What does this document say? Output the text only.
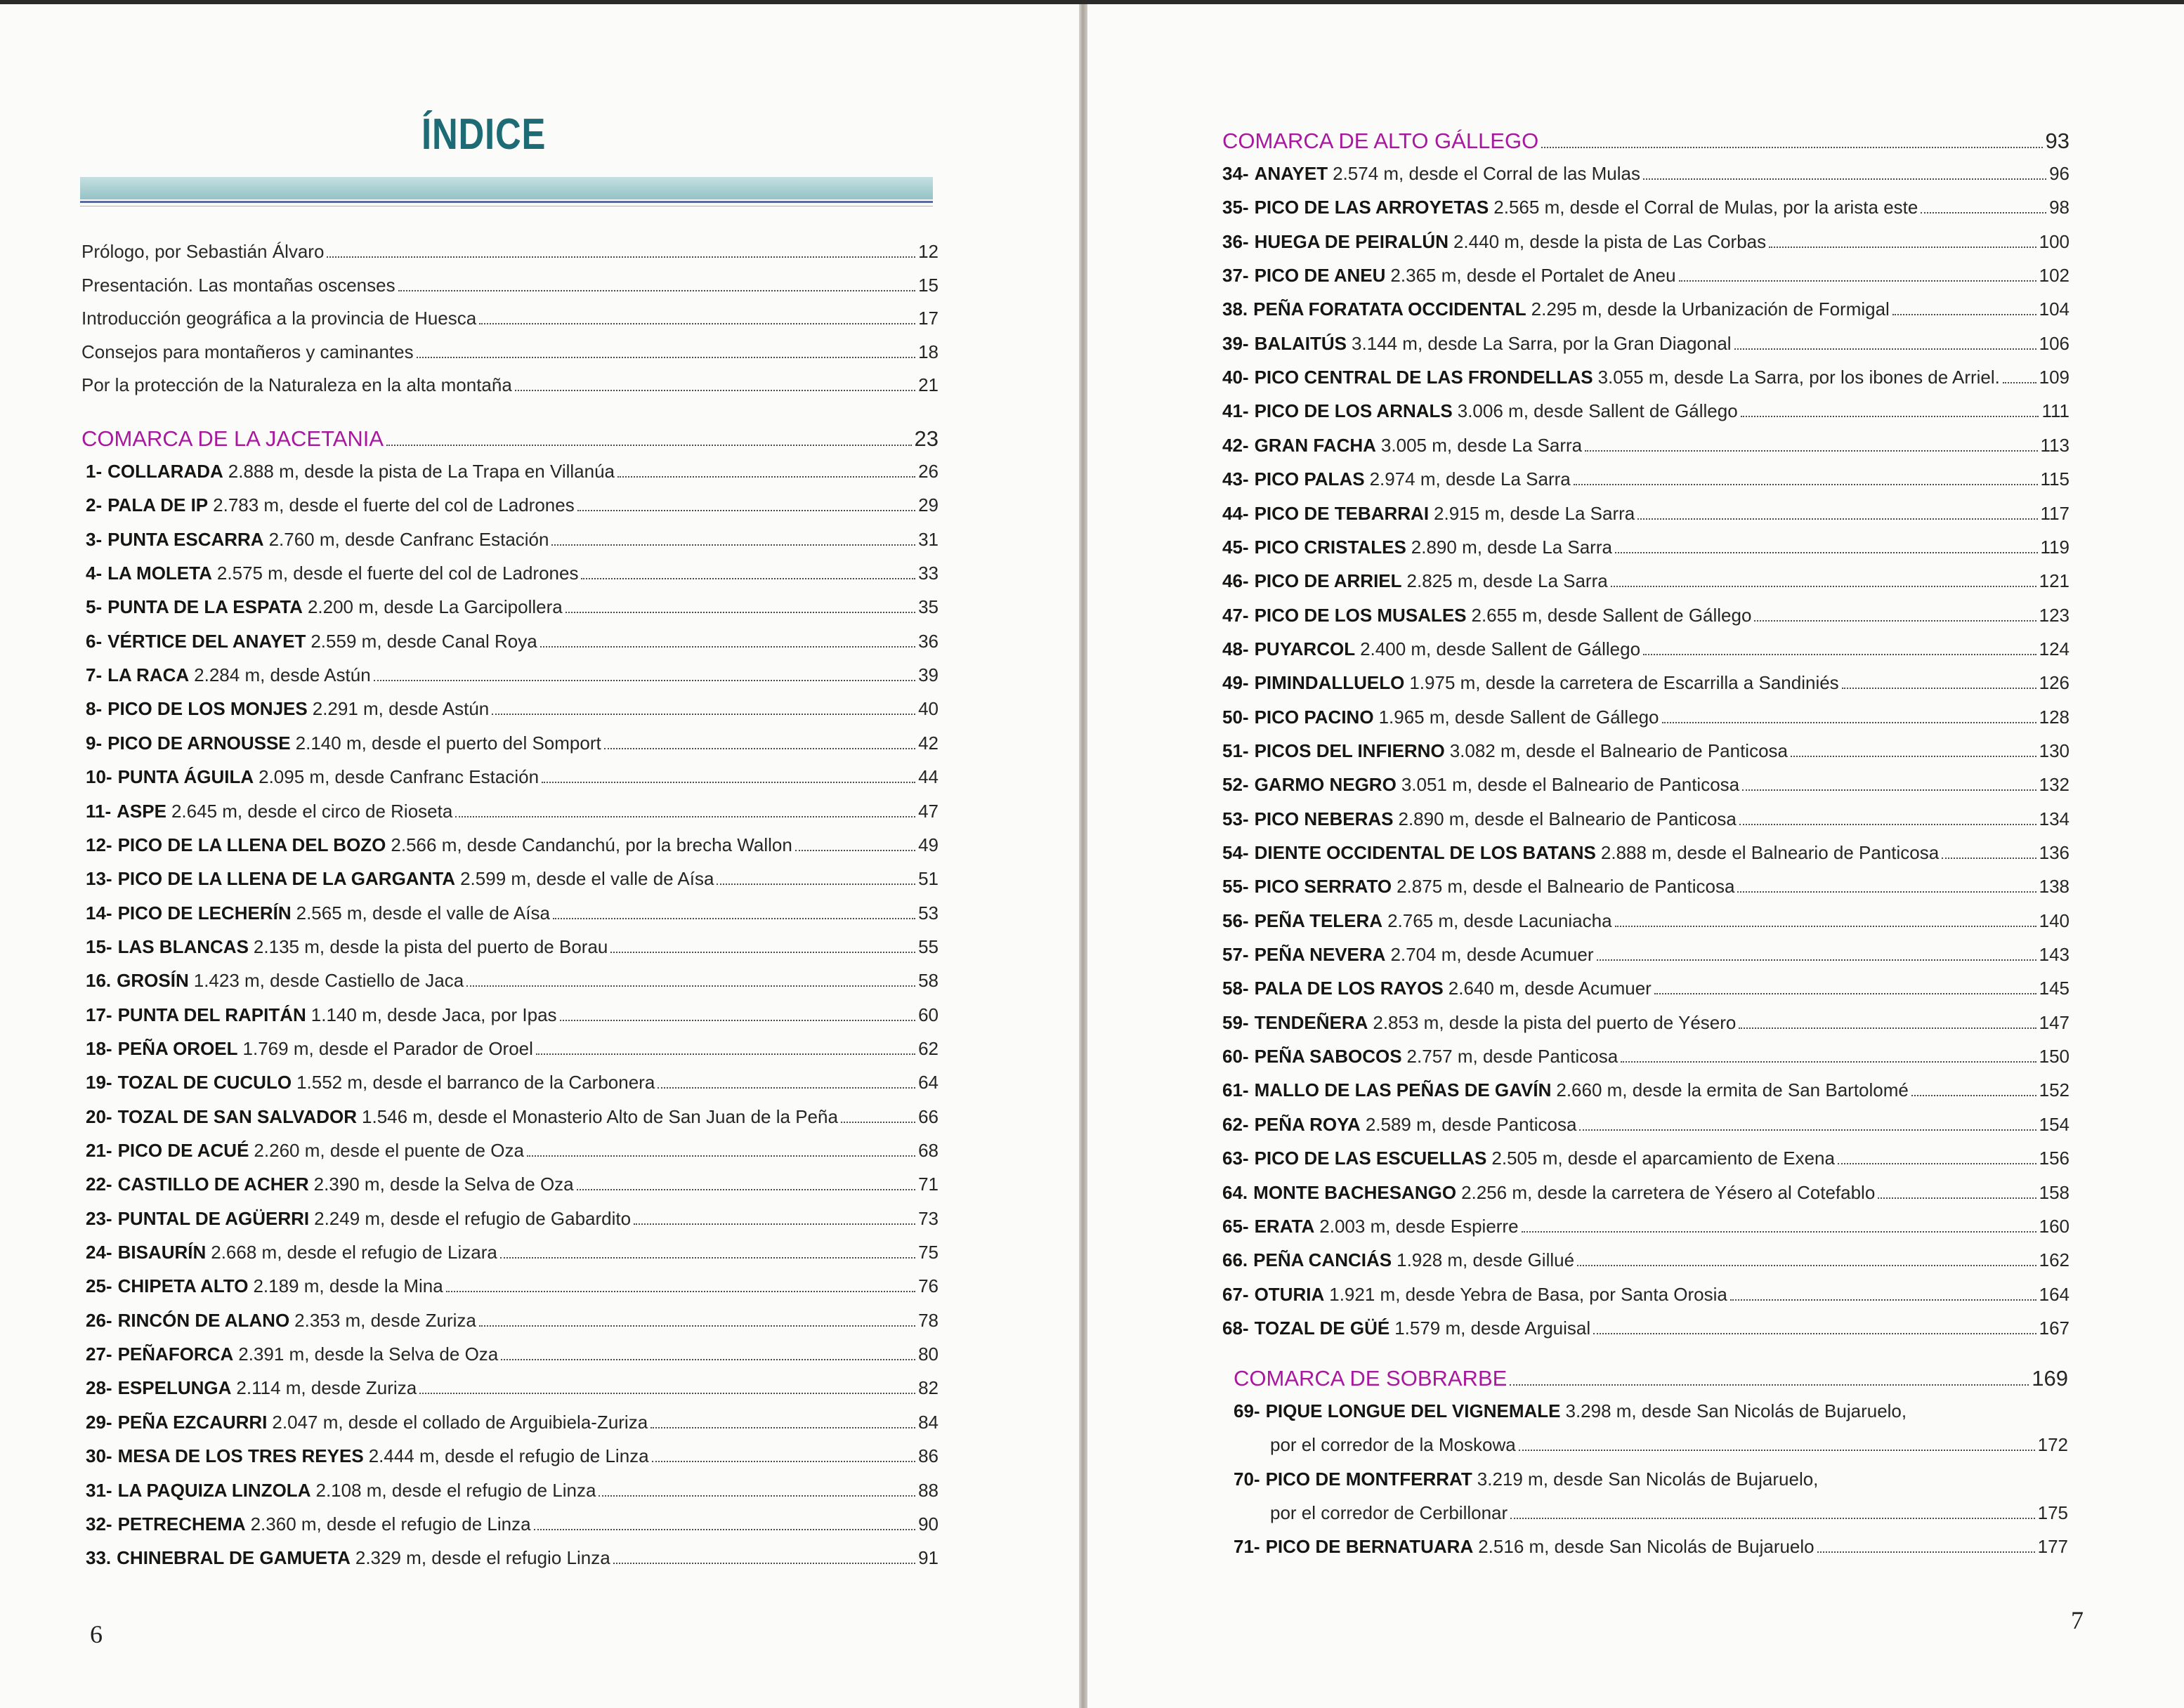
ÍNDICE
Prólogo, por Sebastián Álvaro	12
Presentación. Las montañas oscenses	15
Introducción geográfica a la provincia de Huesca	17
Consejos para montañeros y caminantes	18
Por la protección de la Naturaleza en la alta montaña	21
COMARCA DE LA JACETANIA	23
1- COLLARADA 2.888 m, desde la pista de La Trapa en Villanúa	26
2- PALA DE IP 2.783 m, desde el fuerte del col de Ladrones	29
3- PUNTA ESCARRA 2.760 m, desde Canfranc Estación	31
4- LA MOLETA 2.575 m, desde el fuerte del col de Ladrones	33
5- PUNTA DE LA ESPATA 2.200 m, desde La Garcipollera	35
6- VÉRTICE DEL ANAYET 2.559 m, desde Canal Roya	36
7- LA RACA 2.284 m, desde Astún	39
8- PICO DE LOS MONJES 2.291 m, desde Astún	40
9- PICO DE ARNOUSSE 2.140 m, desde el puerto del Somport	42
10- PUNTA ÁGUILA 2.095 m, desde Canfranc Estación	44
11- ASPE 2.645 m, desde el circo de Rioseta	47
12- PICO DE LA LLENA DEL BOZO 2.566 m, desde Candanchú, por la brecha Wallon	49
13- PICO DE LA LLENA DE LA GARGANTA 2.599 m, desde el valle de Aísa	51
14- PICO DE LECHERÍN 2.565 m, desde el valle de Aísa	53
15- LAS BLANCAS 2.135 m, desde la pista del puerto de Borau	55
16. GROSÍN 1.423 m, desde Castiello de Jaca	58
17- PUNTA DEL RAPITÁN 1.140 m, desde Jaca, por Ipas	60
18- PEÑA OROEL 1.769 m, desde el Parador de Oroel	62
19- TOZAL DE CUCULO 1.552 m, desde el barranco de la Carbonera	64
20- TOZAL DE SAN SALVADOR 1.546 m, desde el Monasterio Alto de San Juan de la Peña	66
21- PICO DE ACUÉ 2.260 m, desde el puente de Oza	68
22- CASTILLO DE ACHER 2.390 m, desde la Selva de Oza	71
23- PUNTAL DE AGÜERRI 2.249 m, desde el refugio de Gabardito	73
24- BISAURÍN 2.668 m, desde el refugio de Lizara	75
25- CHIPETA ALTO 2.189 m, desde la Mina	76
26- RINCÓN DE ALANO 2.353 m, desde Zuriza	78
27- PEÑAFORCA 2.391 m, desde la Selva de Oza	80
28- ESPELUNGA 2.114 m, desde Zuriza	82
29- PEÑA EZCAURRI 2.047 m, desde el collado de Arguibiela-Zuriza	84
30- MESA DE LOS TRES REYES 2.444 m, desde el refugio de Linza	86
31- LA PAQUIZA LINZOLA 2.108 m, desde el refugio de Linza	88
32- PETRECHEMA 2.360 m, desde el refugio de Linza	90
33. CHINEBRAL DE GAMUETA 2.329 m, desde el refugio Linza	91
6
COMARCA DE ALTO GÁLLEGO	93
34- ANAYET 2.574 m, desde el Corral de las Mulas	96
35- PICO DE LAS ARROYETAS 2.565 m, desde el Corral de Mulas, por la arista este	98
36- HUEGA DE PEIRALÚN 2.440 m, desde la pista de Las Corbas	100
37- PICO DE ANEU 2.365 m, desde el Portalet de Aneu	102
38. PEÑA FORATATA OCCIDENTAL 2.295 m, desde la Urbanización de Formigal	104
39- BALAITÚS 3.144 m, desde La Sarra, por la Gran Diagonal	106
40- PICO CENTRAL DE LAS FRONDELLAS 3.055 m, desde La Sarra, por los ibones de Arriel. 109
41- PICO DE LOS ARNALS 3.006 m, desde Sallent de Gállego	111
42- GRAN FACHA 3.005 m, desde La Sarra	113
43- PICO PALAS 2.974 m, desde La Sarra	115
44- PICO DE TEBARRAI 2.915 m, desde La Sarra	117
45- PICO CRISTALES 2.890 m, desde La Sarra	119
46- PICO DE ARRIEL 2.825 m, desde La Sarra	121
47- PICO DE LOS MUSALES 2.655 m, desde Sallent de Gállego	123
48- PUYARCOL 2.400 m, desde Sallent de Gállego	124
49- PIMINDALLUELO 1.975 m, desde la carretera de Escarrilla a Sandiniés	126
50- PICO PACINO 1.965 m, desde Sallent de Gállego	128
51- PICOS DEL INFIERNO 3.082 m, desde el Balneario de Panticosa	130
52- GARMO NEGRO 3.051 m, desde el Balneario de Panticosa	132
53- PICO NEBERAS 2.890 m, desde el Balneario de Panticosa	134
54- DIENTE OCCIDENTAL DE LOS BATANS 2.888 m, desde el Balneario de Panticosa	136
55- PICO SERRATO 2.875 m, desde el Balneario de Panticosa	138
56- PEÑA TELERA 2.765 m, desde Lacuniacha	140
57- PEÑA NEVERA 2.704 m, desde Acumuer	143
58- PALA DE LOS RAYOS 2.640 m, desde Acumuer	145
59- TENDEÑERA 2.853 m, desde la pista del puerto de Yésero	147
60- PEÑA SABOCOS 2.757 m, desde Panticosa	150
61- MALLO DE LAS PEÑAS DE GAVÍN 2.660 m, desde la ermita de San Bartolomé	152
62- PEÑA ROYA 2.589 m, desde Panticosa	154
63- PICO DE LAS ESCUELLAS 2.505 m, desde el aparcamiento de Exena	156
64. MONTE BACHESANGO 2.256 m, desde la carretera de Yésero al Cotefablo	158
65- ERATA 2.003 m, desde Espierre	160
66. PEÑA CANCIÁS 1.928 m, desde Gillué	162
67- OTURIA 1.921 m, desde Yebra de Basa, por Santa Orosia	164
68- TOZAL DE GÜÉ 1.579 m, desde Arguisal	167
COMARCA DE SOBRARBE	169
69- PIQUE LONGUE DEL VIGNEMALE 3.298 m, desde San Nicolás de Bujaruelo,
por el corredor de la Moskowa	172
70- PICO DE MONTFERRAT 3.219 m, desde San Nicolás de Bujaruelo,
por el corredor de Cerbillonar	175
71- PICO DE BERNATUARA 2.516 m, desde San Nicolás de Bujaruelo	177
7
